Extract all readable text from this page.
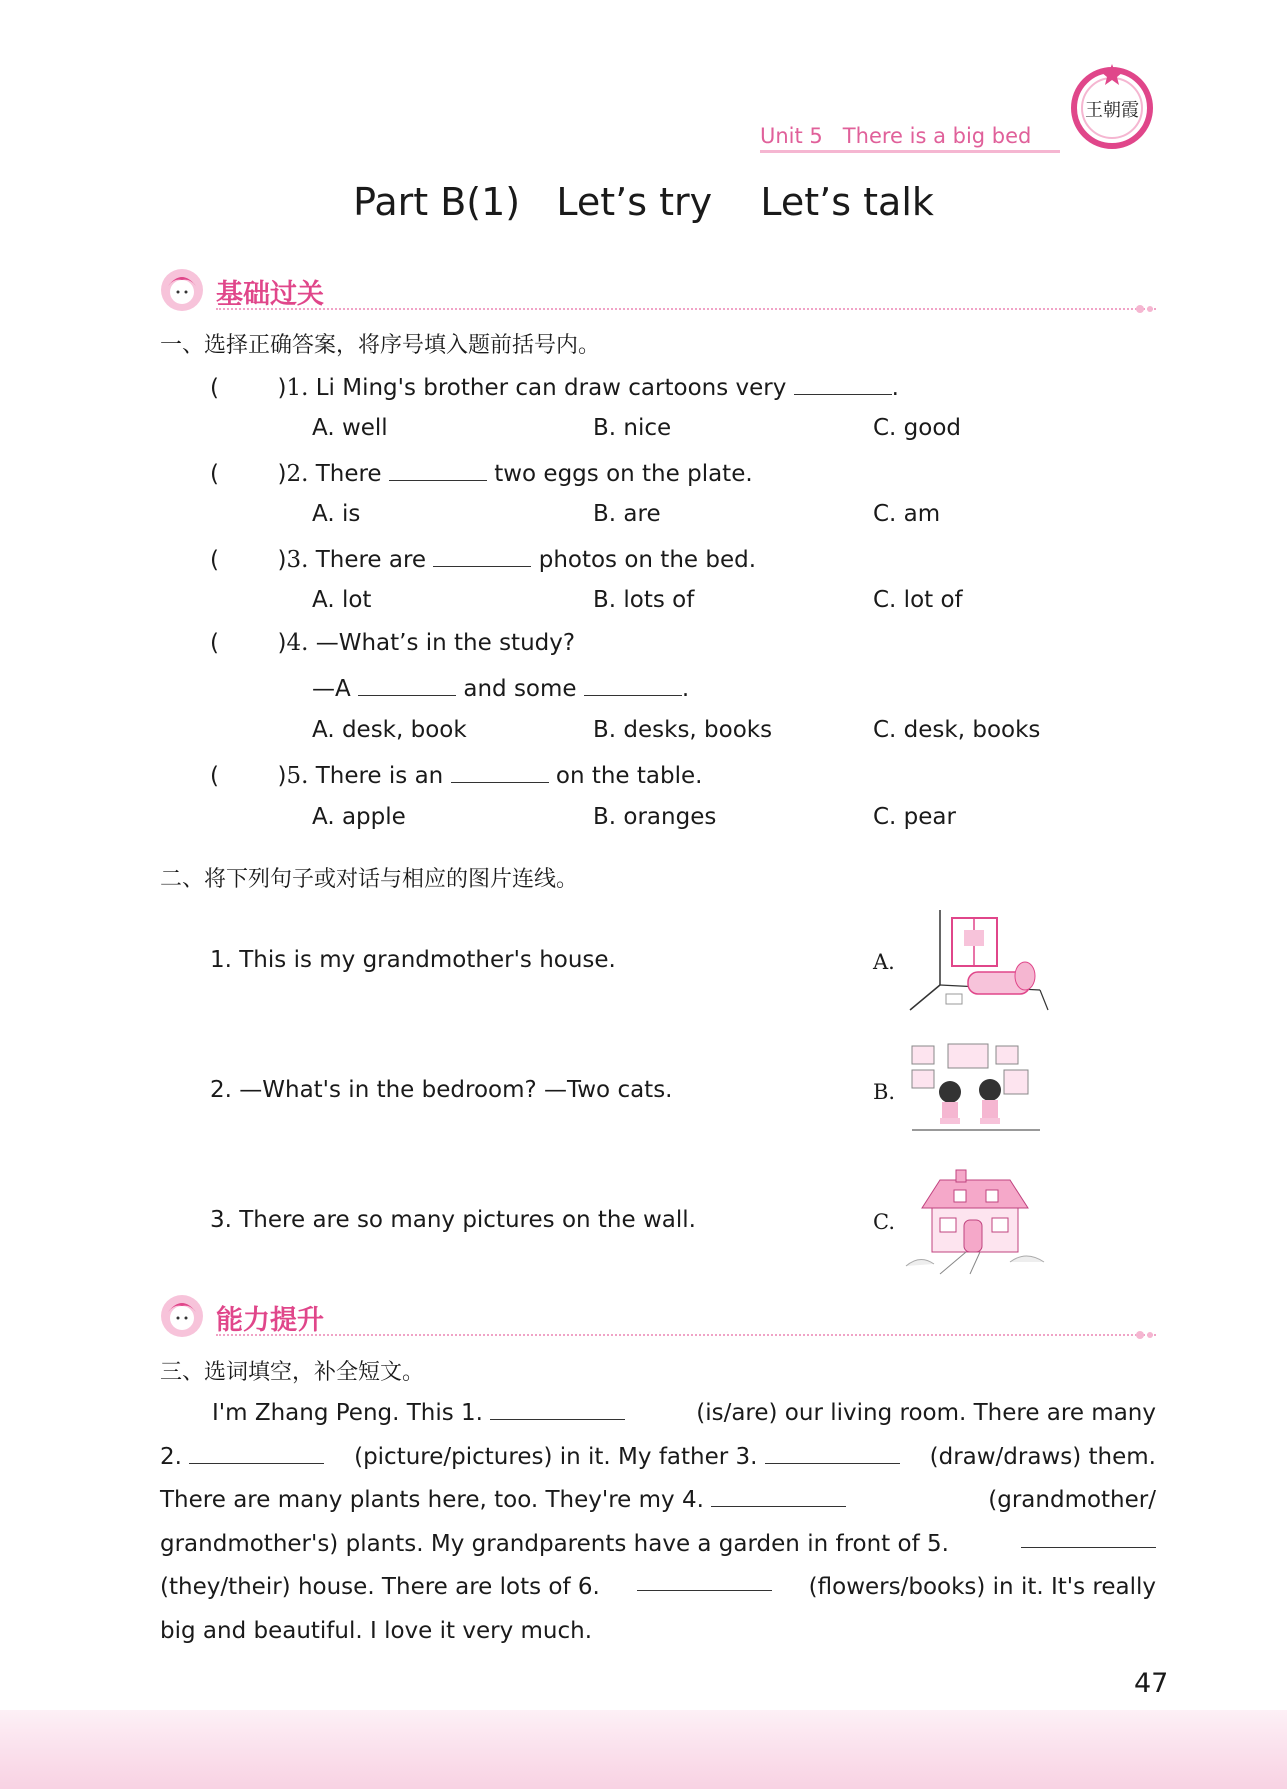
王朝霞
Unit 5   There is a big bed
Part B(1)   Let’s try    Let’s talk
基础过关
一、选择正确答案，将序号填入题前括号内。
(        )1. Li Ming's brother can draw cartoons very	.
A. well	B. nice	C. good
(        )2. There	two eggs on the plate.
A. is	B. are	C. am
(        )3. There are	photos on the bed.
A. lot	B. lots of	C. lot of
(        )4. —What’s in the study?
—A	and some	.
A. desk, book	B. desks, books	C. desk, books
(        )5. There is an	on the table.
A. apple	B. oranges	C. pear
二、将下列句子或对话与相应的图片连线。
1. This is my grandmother's house.	A.
2. —What's in the bedroom? —Two cats.	B.
3. There are so many pictures on the wall.	C.
能力提升
三、选词填空，补全短文。
I'm Zhang Peng. This 1.	(is/are) our living room. There are many
2.	(picture/pictures) in it. My father 3.	(draw/draws) them.
There are many plants here, too. They're my 4.	(grandmother/
grandmother's) plants. My grandparents have a garden in front of 5.
(they/their) house. There are lots of 6.	(flowers/books) in it. It's really
big and beautiful. I love it very much.
47
